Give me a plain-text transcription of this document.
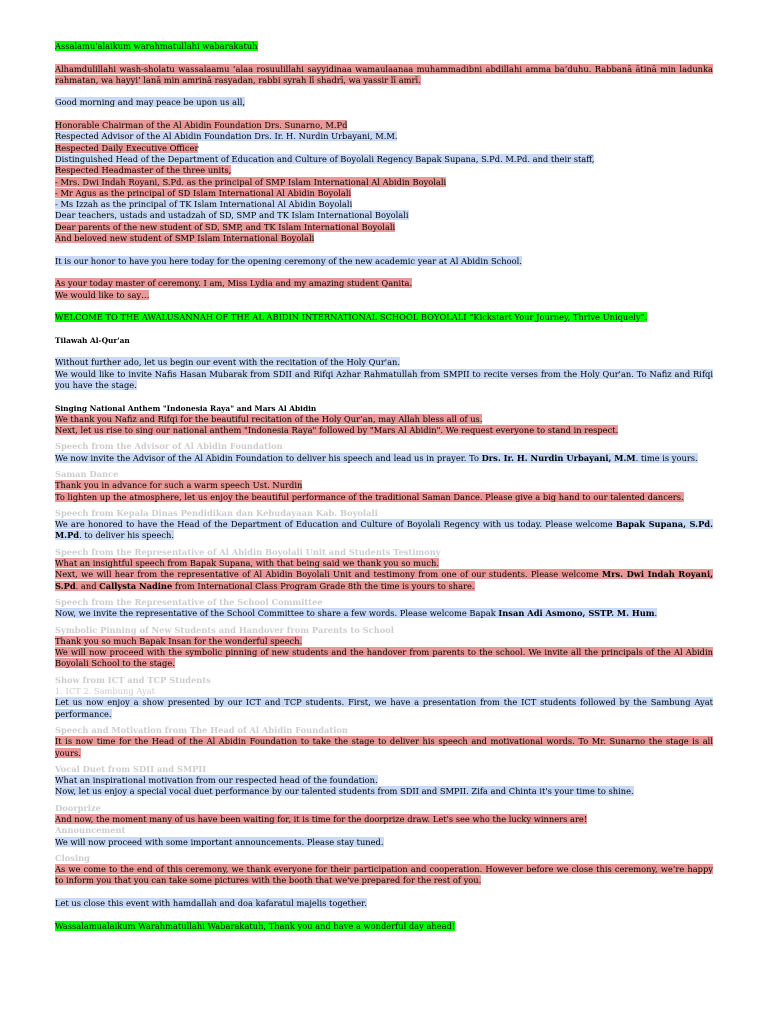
Assalamu'alaikum warahmatullahi wabarakatuh

Alhamdulillahi wash-sholatu wassalaamu ‘alaa rosuulillahi sayyidinaa wamaulaanaa muhammadibni abdillahi amma ba’duhu. Rabbanā ātinā min ladunka rahmatan, wa hayyi’ lanā min amrinā rasyadan, rabbi syrah lī shadrī, wa yassir lī amrī.

Good morning and may peace be upon us all,

Honorable Chairman of the Al Abidin Foundation Drs. Sunarno, M.Pd

Respected Advisor of the Al Abidin Foundation Drs. Ir. H. Nurdin Urbayani, M.M.

Respected Daily Executive Officer

Distinguished Head of the Department of Education and Culture of Boyolali Regency Bapak Supana, S.Pd. M.Pd. and their staff,

Respected Headmaster of the three units,

- Mrs. Dwi Indah Royani, S.Pd. as the principal of SMP Islam International Al Abidin Boyolali

- Mr Agus as the principal of SD Islam International Al Abidin Boyolali

- Ms Izzah as the principal of TK Islam International Al Abidin Boyolali

Dear teachers, ustads and ustadzah of SD, SMP and TK Islam International Boyolali

Dear parents of the new student of SD, SMP, and TK Islam International Boyolali

And beloved new student of SMP Islam International Boyolali

It is our honor to have you here today for the opening ceremony of the new academic year at Al Abidin School.

As your today master of ceremony. I am, Miss Lydia and my amazing student Qanita.

We would like to say…

WELCOME TO THE AWALUSANNAH OF THE AL ABIDIN INTERNATIONAL SCHOOL BOYOLALI “Kickstart Your Journey, Thrive Uniquely”.

Tilawah Al-Qur'an

Without further ado, let us begin our event with the recitation of the Holy Qur'an.

We would like to invite Nafis Hasan Mubarak from SDII and Rifqi Azhar Rahmatullah from SMPII to recite verses from the Holy Qur'an. To Nafiz and Rifqi you have the stage.

Singing National Anthem "Indonesia Raya" and Mars Al Abidin

We thank you Nafiz and Rifqi for the beautiful recitation of the Holy Qur’an, may Allah bless all of us.

Next, let us rise to sing our national anthem "Indonesia Raya" followed by "Mars Al Abidin". We request everyone to stand in respect.

Speech from the Advisor of Al Abidin Foundation

We now invite the Advisor of the Al Abidin Foundation to deliver his speech and lead us in prayer. To Drs. Ir. H. Nurdin Urbayani, M.M. time is yours.

Saman Dance

Thank you in advance for such a warm speech Ust. Nurdin

To lighten up the atmosphere, let us enjoy the beautiful performance of the traditional Saman Dance. Please give a big hand to our talented dancers.

Speech from Kepala Dinas Pendidikan dan Kebudayaan Kab. Boyolali

We are honored to have the Head of the Department of Education and Culture of Boyolali Regency with us today. Please welcome Bapak Supana, S.Pd. M.Pd. to deliver his speech.

Speech from the Representative of Al Abidin Boyolali Unit and Students Testimony

What an insightful speech from Bapak Supana, with that being said we thank you so much.

Next, we will hear from the representative of Al Abidin Boyolali Unit and testimony from one of our students. Please welcome Mrs. Dwi Indah Royani, S.Pd. and Callysta Nadine from International Class Program Grade 8th the time is yours to share.

Speech from the Representative of the School Committee

Now, we invite the representative of the School Committee to share a few words. Please welcome Bapak Insan Adi Asmono, SSTP. M. Hum.

Symbolic Pinning of New Students and Handover from Parents to School

Thank you so much Bapak Insan for the wonderful speech.

We will now proceed with the symbolic pinning of new students and the handover from parents to the school. We invite all the principals of the Al Abidin Boyolali School to the stage.

Show from ICT and TCP Students

1. ICT 2. Sambung Ayat

Let us now enjoy a show presented by our ICT and TCP students. First, we have a presentation from the ICT students followed by the Sambung Ayat performance.

Speech and Motivation from The Head of Al Abidin Foundation

It is now time for the Head of the Al Abidin Foundation to take the stage to deliver his speech and motivational words. To Mr. Sunarno the stage is all yours.

Vocal Duet from SDII and SMPII

What an inspirational motivation from our respected head of the foundation.

Now, let us enjoy a special vocal duet performance by our talented students from SDII and SMPII. Zifa and Chinta it's your time to shine.

Doorprize

And now, the moment many of us have been waiting for, it is time for the doorprize draw. Let's see who the lucky winners are!

Announcement

We will now proceed with some important announcements. Please stay tuned.

Closing

As we come to the end of this ceremony, we thank everyone for their participation and cooperation. However before we close this ceremony, we’re happy to inform you that you can take some pictures with the booth that we've prepared for the rest of you.

Let us close this event with hamdallah and doa kafaratul majelis together.

Wassalamualaikum Warahmatullahi Wabarakatuh, Thank you and have a wonderful day ahead!
